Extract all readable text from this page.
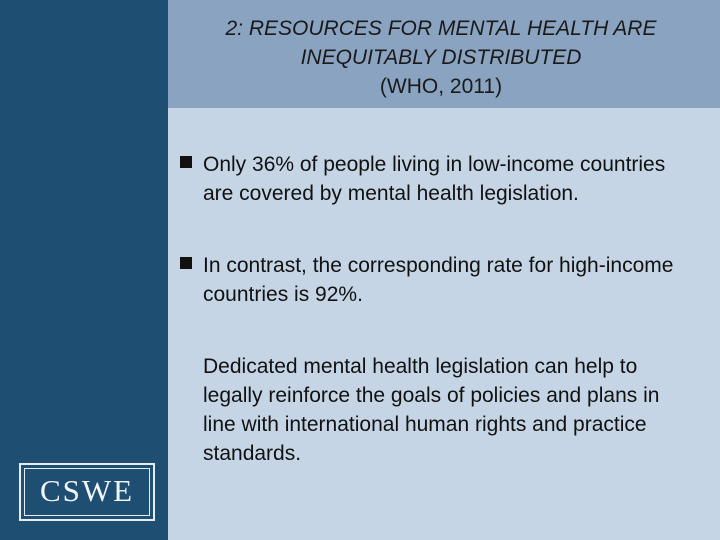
2: RESOURCES FOR MENTAL HEALTH ARE
INEQUITABLY DISTRIBUTED
(WHO, 2011)
Only 36% of people living in low-income countries are covered by mental health legislation.
In contrast, the corresponding rate for high-income countries is 92%.
Dedicated mental health legislation can help to legally reinforce the goals of policies and plans in line with international human rights and practice standards.
CSWE
